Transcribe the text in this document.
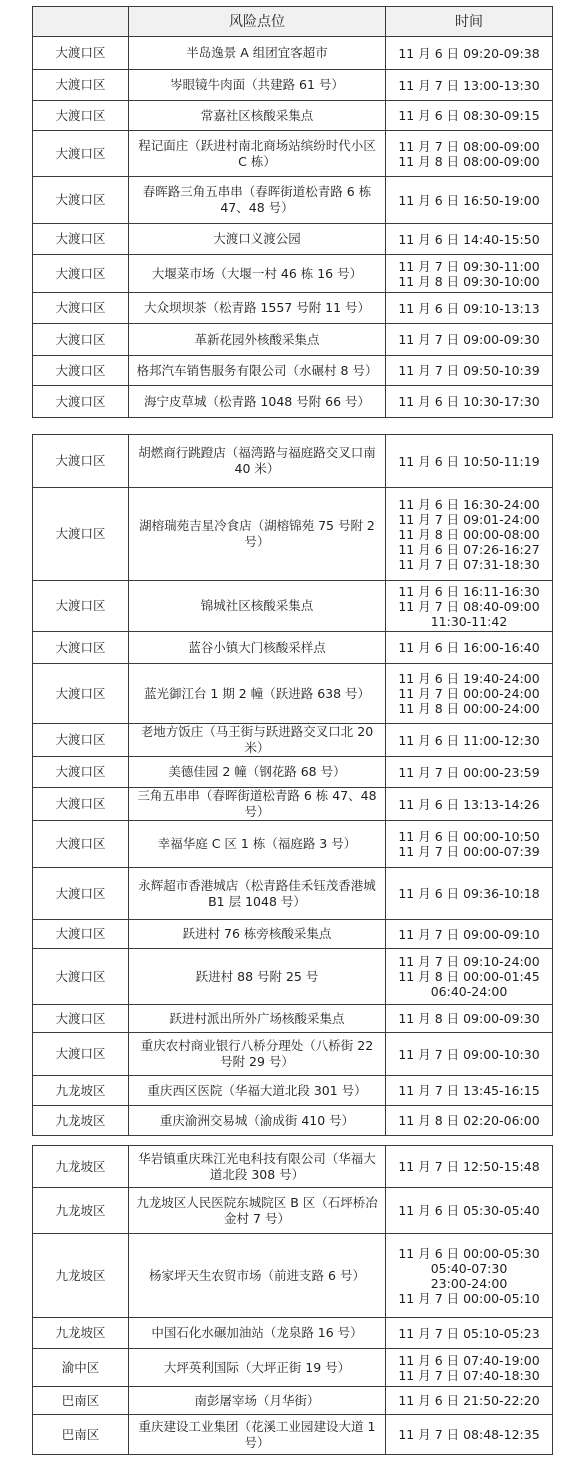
	风险点位	时间
大渡口区	半岛逸景 A 组团宜客超市	11 月 6 日 09:20-09:38
大渡口区	岑眼镜牛肉面（共建路 61 号）	11 月 7 日 13:00-13:30
大渡口区	常嘉社区核酸采集点	11 月 6 日 08:30-09:15
大渡口区	程记面庄（跃进村南北商场站缤纷时代小区 C 栋）	11 月 7 日 08:00-09:00
11 月 8 日 08:00-09:00
大渡口区	春晖路三角五串串（春晖街道松青路 6 栋 47、48 号）	11 月 6 日 16:50-19:00
大渡口区	大渡口义渡公园	11 月 6 日 14:40-15:50
大渡口区	大堰菜市场（大堰一村 46 栋 16 号）	11 月 7 日 09:30-11:00
11 月 8 日 09:30-10:00
大渡口区	大众坝坝茶（松青路 1557 号附 11 号）	11 月 6 日 09:10-13:13
大渡口区	革新花园外核酸采集点	11 月 7 日 09:00-09:30
大渡口区	格邦汽车销售服务有限公司（水碾村 8 号）	11 月 7 日 09:50-10:39
大渡口区	海宁皮草城（松青路 1048 号附 66 号）	11 月 6 日 10:30-17:30
大渡口区	胡燃商行跳蹬店（福湾路与福庭路交叉口南 40 米）	11 月 6 日 10:50-11:19
大渡口区	湖榕瑞苑吉星冷食店（湖榕锦苑 75 号附 2 号）	11 月 6 日 16:30-24:00
11 月 7 日 09:01-24:00
11 月 8 日 00:00-08:00
11 月 6 日 07:26-16:27
11 月 7 日 07:31-18:30
大渡口区	锦城社区核酸采集点	11 月 6 日 16:11-16:30
11 月 7 日 08:40-09:00
11:30-11:42
大渡口区	蓝谷小镇大门核酸采样点	11 月 6 日 16:00-16:40
大渡口区	蓝光御江台 1 期 2 幢（跃进路 638 号）	11 月 6 日 19:40-24:00
11 月 7 日 00:00-24:00
11 月 8 日 00:00-24:00
大渡口区	老地方饭庄（马王街与跃进路交叉口北 20 米）	11 月 6 日 11:00-12:30
大渡口区	美德佳园 2 幢（钢花路 68 号）	11 月 7 日 00:00-23:59
大渡口区	三角五串串（春晖街道松青路 6 栋 47、48 号）	11 月 6 日 13:13-14:26
大渡口区	幸福华庭 C 区 1 栋（福庭路 3 号）	11 月 6 日 00:00-10:50
11 月 7 日 00:00-07:39
大渡口区	永辉超市香港城店（松青路佳禾钰茂香港城 B1 层 1048 号）	11 月 6 日 09:36-10:18
大渡口区	跃进村 76 栋旁核酸采集点	11 月 7 日 09:00-09:10
大渡口区	跃进村 88 号附 25 号	11 月 7 日 09:10-24:00
11 月 8 日 00:00-01:45
06:40-24:00
大渡口区	跃进村派出所外广场核酸采集点	11 月 8 日 09:00-09:30
大渡口区	重庆农村商业银行八桥分理处（八桥街 22 号附 29 号）	11 月 7 日 09:00-10:30
九龙坡区	重庆西区医院（华福大道北段 301 号）	11 月 7 日 13:45-16:15
九龙坡区	重庆渝洲交易城（渝成街 410 号）	11 月 8 日 02:20-06:00
九龙坡区	华岩镇重庆珠江光电科技有限公司（华福大道北段 308 号）	11 月 7 日 12:50-15:48
九龙坡区	九龙坡区人民医院东城院区 B 区（石坪桥冶金村 7 号）	11 月 6 日 05:30-05:40
九龙坡区	杨家坪天生农贸市场（前进支路 6 号）	11 月 6 日 00:00-05:30
05:40-07:30
23:00-24:00
11 月 7 日 00:00-05:10
九龙坡区	中国石化水碾加油站（龙泉路 16 号）	11 月 7 日 05:10-05:23
渝中区	大坪英利国际（大坪正街 19 号）	11 月 6 日 07:40-19:00
11 月 7 日 07:40-18:30
巴南区	南彭屠宰场（月华街）	11 月 6 日 21:50-22:20
巴南区	重庆建设工业集团（花溪工业园建设大道 1 号）	11 月 7 日 08:48-12:35
